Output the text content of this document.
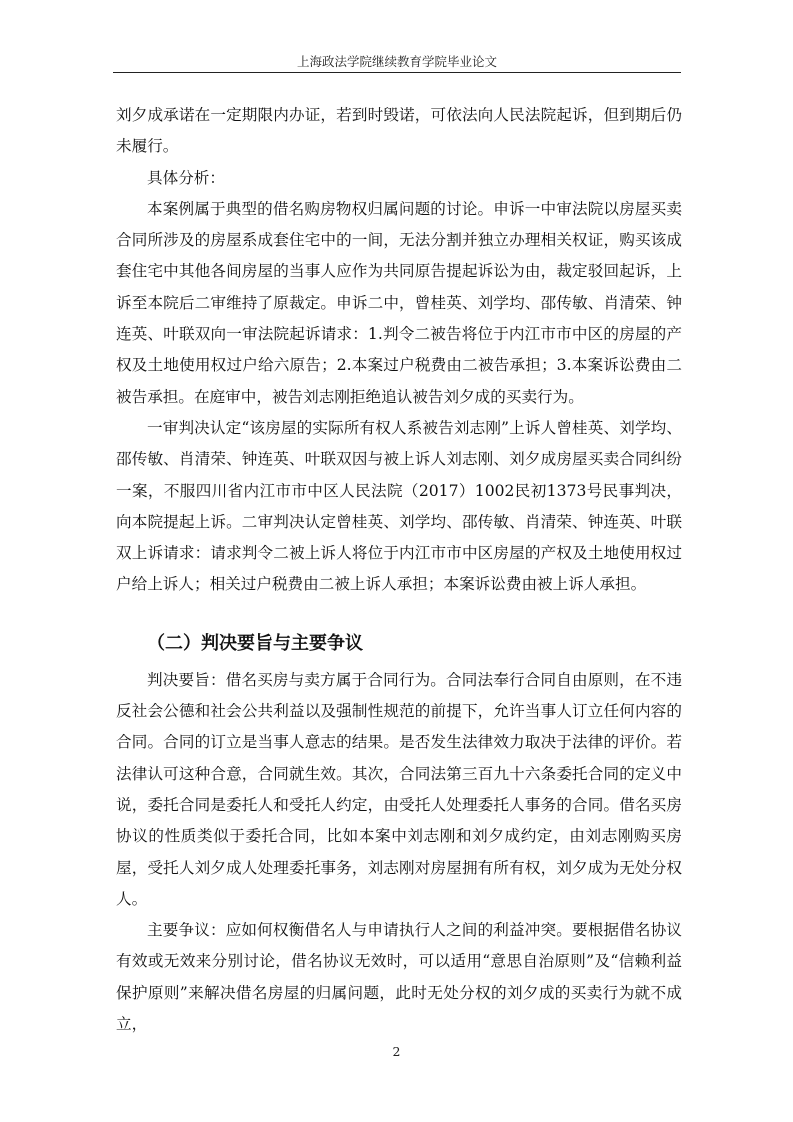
上海政法学院继续教育学院毕业论文

刘夕成承诺在一定期限内办证，若到时毁诺，可依法向人民法院起诉，但到期后仍未履行。

具体分析：

本案例属于典型的借名购房物权归属问题的讨论。申诉一中审法院以房屋买卖合同所涉及的房屋系成套住宅中的一间，无法分割并独立办理相关权证，购买该成套住宅中其他各间房屋的当事人应作为共同原告提起诉讼为由，裁定驳回起诉，上诉至本院后二审维持了原裁定。申诉二中，曾桂英、刘学均、邵传敏、肖清荣、钟连英、叶联双向一审法院起诉请求：1.判令二被告将位于内江市市中区的房屋的产权及土地使用权过户给六原告；2.本案过户税费由二被告承担；3.本案诉讼费由二被告承担。在庭审中，被告刘志刚拒绝追认被告刘夕成的买卖行为。

一审判决认定“该房屋的实际所有权人系被告刘志刚”上诉人曾桂英、刘学均、邵传敏、肖清荣、钟连英、叶联双因与被上诉人刘志刚、刘夕成房屋买卖合同纠纷一案，不服四川省内江市市中区人民法院（2017）1002民初1373号民事判决，向本院提起上诉。二审判决认定曾桂英、刘学均、邵传敏、肖清荣、钟连英、叶联双上诉请求：请求判令二被上诉人将位于内江市市中区房屋的产权及土地使用权过户给上诉人；相关过户税费由二被上诉人承担；本案诉讼费由被上诉人承担。

（二）判决要旨与主要争议

判决要旨：借名买房与卖方属于合同行为。合同法奉行合同自由原则，在不违反社会公德和社会公共利益以及强制性规范的前提下，允许当事人订立任何内容的合同。合同的订立是当事人意志的结果。是否发生法律效力取决于法律的评价。若法律认可这种合意，合同就生效。其次，合同法第三百九十六条委托合同的定义中说，委托合同是委托人和受托人约定，由受托人处理委托人事务的合同。借名买房协议的性质类似于委托合同，比如本案中刘志刚和刘夕成约定，由刘志刚购买房屋，受托人刘夕成人处理委托事务，刘志刚对房屋拥有所有权，刘夕成为无处分权人。

主要争议：应如何权衡借名人与申请执行人之间的利益冲突。要根据借名协议有效或无效来分别讨论，借名协议无效时，可以适用“意思自治原则”及“信赖利益保护原则”来解决借名房屋的归属问题，此时无处分权的刘夕成的买卖行为就不成立，

2
